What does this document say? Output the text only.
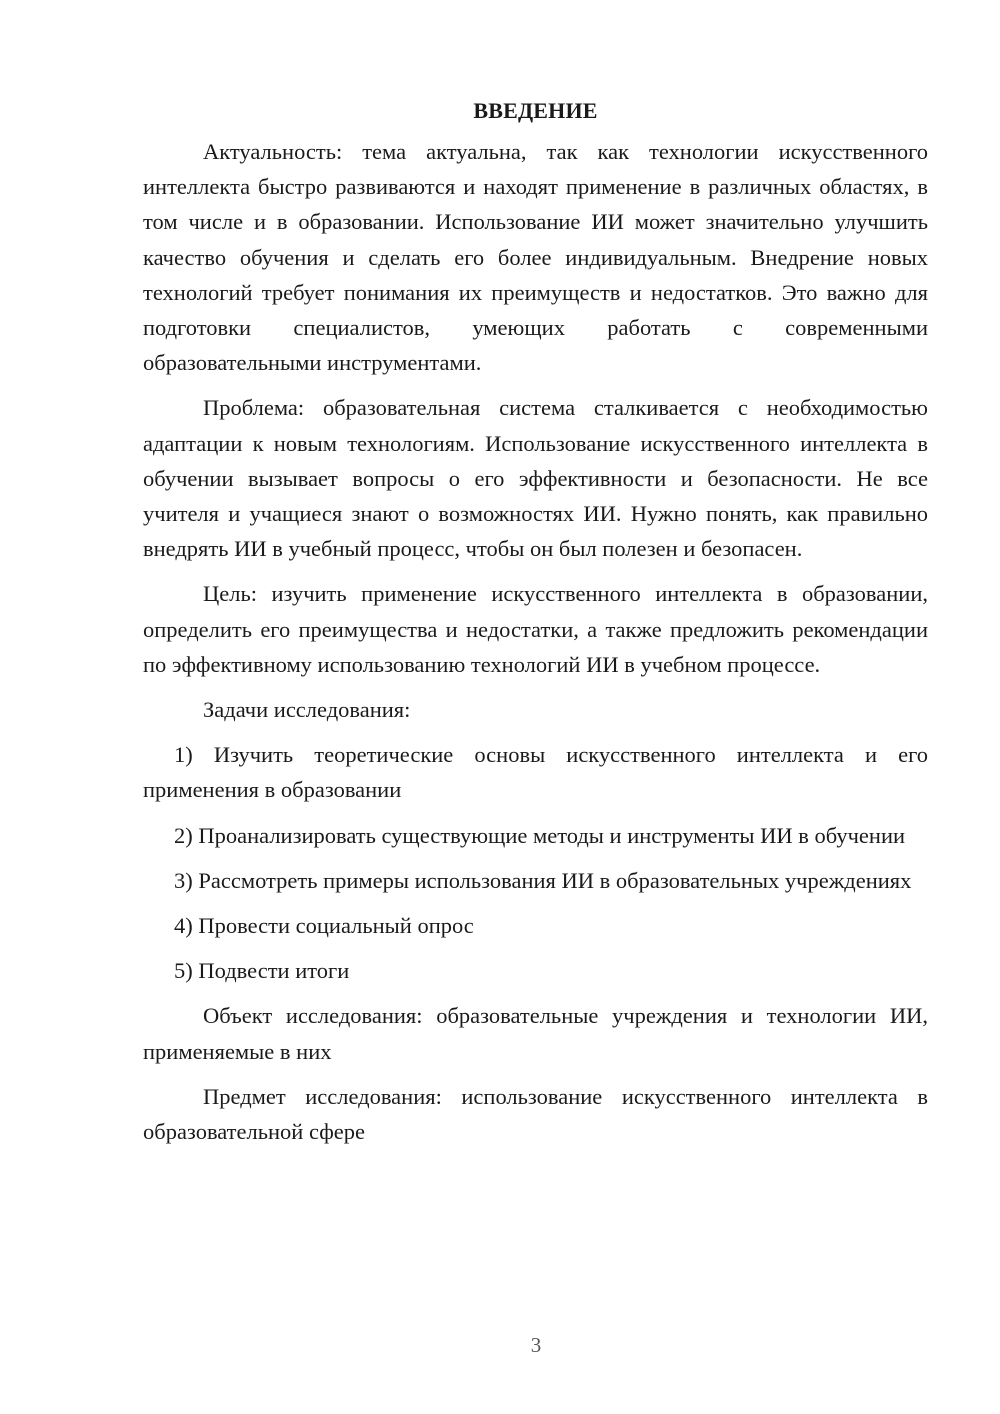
ВВЕДЕНИЕ

Актуальность: тема актуальна, так как технологии искусственного интеллекта быстро развиваются и находят применение в различных областях, в том числе и в образовании. Использование ИИ может значительно улучшить качество обучения и сделать его более индивидуальным. Внедрение новых технологий требует понимания их преимуществ и недостатков. Это важно для подготовки специалистов, умеющих работать с современными образовательными инструментами.

Проблема: образовательная система сталкивается с необходимостью адаптации к новым технологиям. Использование искусственного интеллекта в обучении вызывает вопросы о его эффективности и безопасности. Не все учителя и учащиеся знают о возможностях ИИ. Нужно понять, как правильно внедрять ИИ в учебный процесс, чтобы он был полезен и безопасен.

Цель: изучить применение искусственного интеллекта в образовании, определить его преимущества и недостатки, а также предложить рекомендации по эффективному использованию технологий ИИ в учебном процессе.

Задачи исследования:

1) Изучить теоретические основы искусственного интеллекта и его применения в образовании

2) Проанализировать существующие методы и инструменты ИИ в обучении

3) Рассмотреть примеры использования ИИ в образовательных учреждениях

4) Провести социальный опрос

5) Подвести итоги

Объект исследования: образовательные учреждения и технологии ИИ, применяемые в них

Предмет исследования: использование искусственного интеллекта в образовательной сфере

3
